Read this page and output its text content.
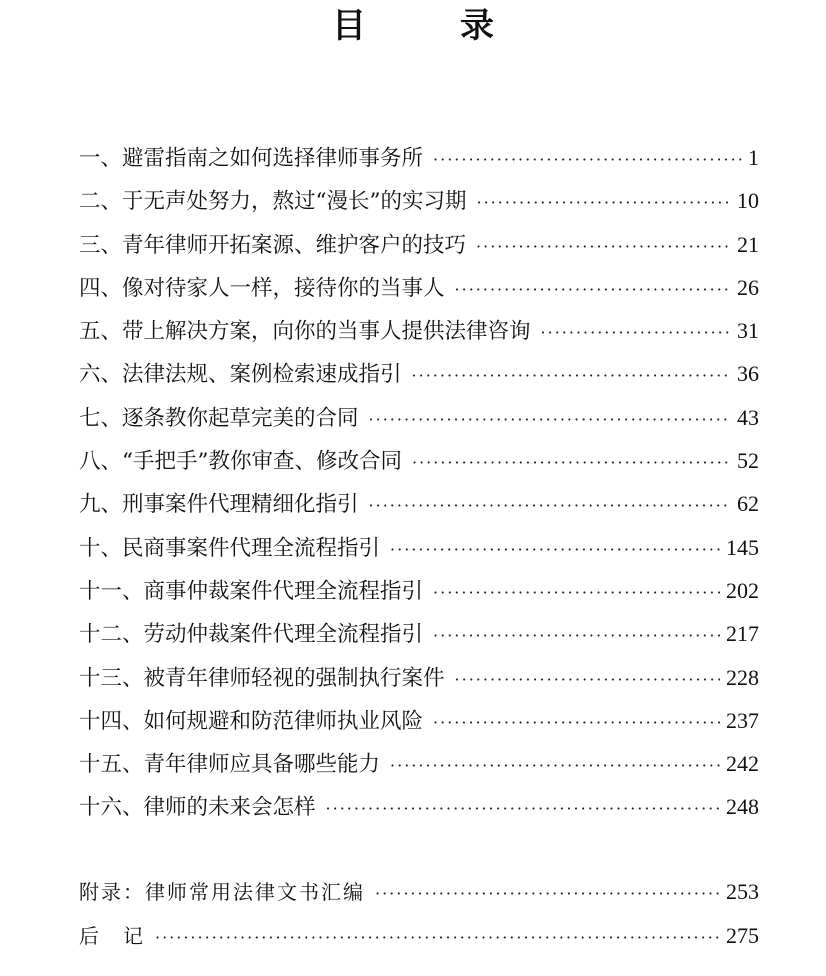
目　录
一、避雷指南之如何选择律师事务所 ·····	1
二、于无声处努力，熬过“漫长”的实习期 ·····	10
三、青年律师开拓案源、维护客户的技巧 ·····	21
四、像对待家人一样，接待你的当事人 ·····	26
五、带上解决方案，向你的当事人提供法律咨询 ·····	31
六、法律法规、案例检索速成指引 ·····	36
七、逐条教你起草完美的合同 ·····	43
八、“手把手”教你审查、修改合同 ·····	52
九、刑事案件代理精细化指引 ·····	62
十、民商事案件代理全流程指引 ·····	145
十一、商事仲裁案件代理全流程指引 ·····	202
十二、劳动仲裁案件代理全流程指引 ·····	217
十三、被青年律师轻视的强制执行案件 ·····	228
十四、如何规避和防范律师执业风险 ·····	237
十五、青年律师应具备哪些能力 ·····	242
十六、律师的未来会怎样 ·····	248
附录：律师常用法律文书汇编 ·····	253
后　记 ·····	275
